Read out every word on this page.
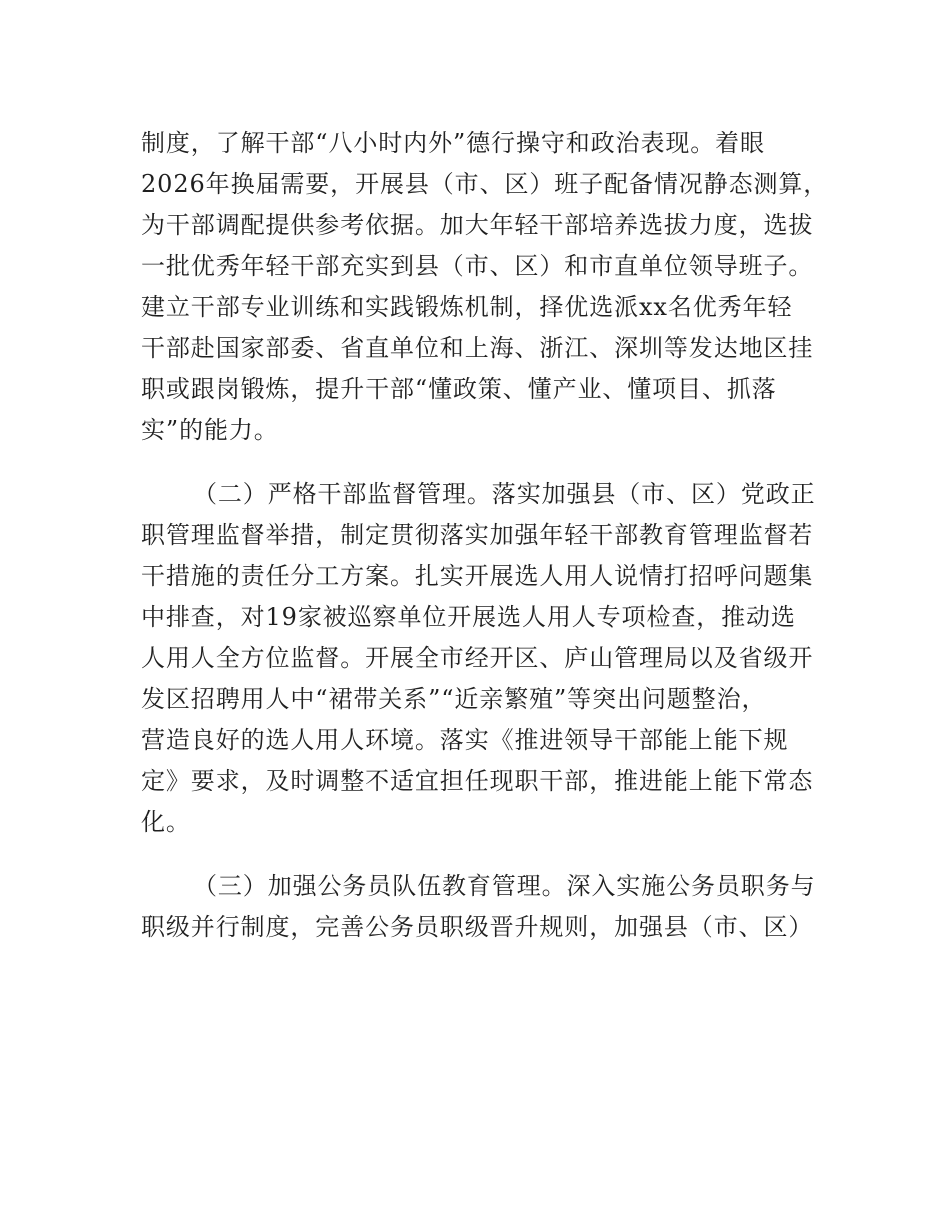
制度，了解干部“八小时内外”德行操守和政治表现。着眼
2026年换届需要，开展县（市、区）班子配备情况静态测算，
为干部调配提供参考依据。加大年轻干部培养选拔力度，选拔
一批优秀年轻干部充实到县（市、区）和市直单位领导班子。
建立干部专业训练和实践锻炼机制，择优选派xx名优秀年轻
干部赴国家部委、省直单位和上海、浙江、深圳等发达地区挂
职或跟岗锻炼，提升干部“懂政策、懂产业、懂项目、抓落
实”的能力。
（二）严格干部监督管理。落实加强县（市、区）党政正
职管理监督举措，制定贯彻落实加强年轻干部教育管理监督若
干措施的责任分工方案。扎实开展选人用人说情打招呼问题集
中排查，对19家被巡察单位开展选人用人专项检查，推动选
人用人全方位监督。开展全市经开区、庐山管理局以及省级开
发区招聘用人中“裙带关系”“近亲繁殖”等突出问题整治，
营造良好的选人用人环境。落实《推进领导干部能上能下规
定》要求，及时调整不适宜担任现职干部，推进能上能下常态
化。
（三）加强公务员队伍教育管理。深入实施公务员职务与
职级并行制度，完善公务员职级晋升规则，加强县（市、区）
